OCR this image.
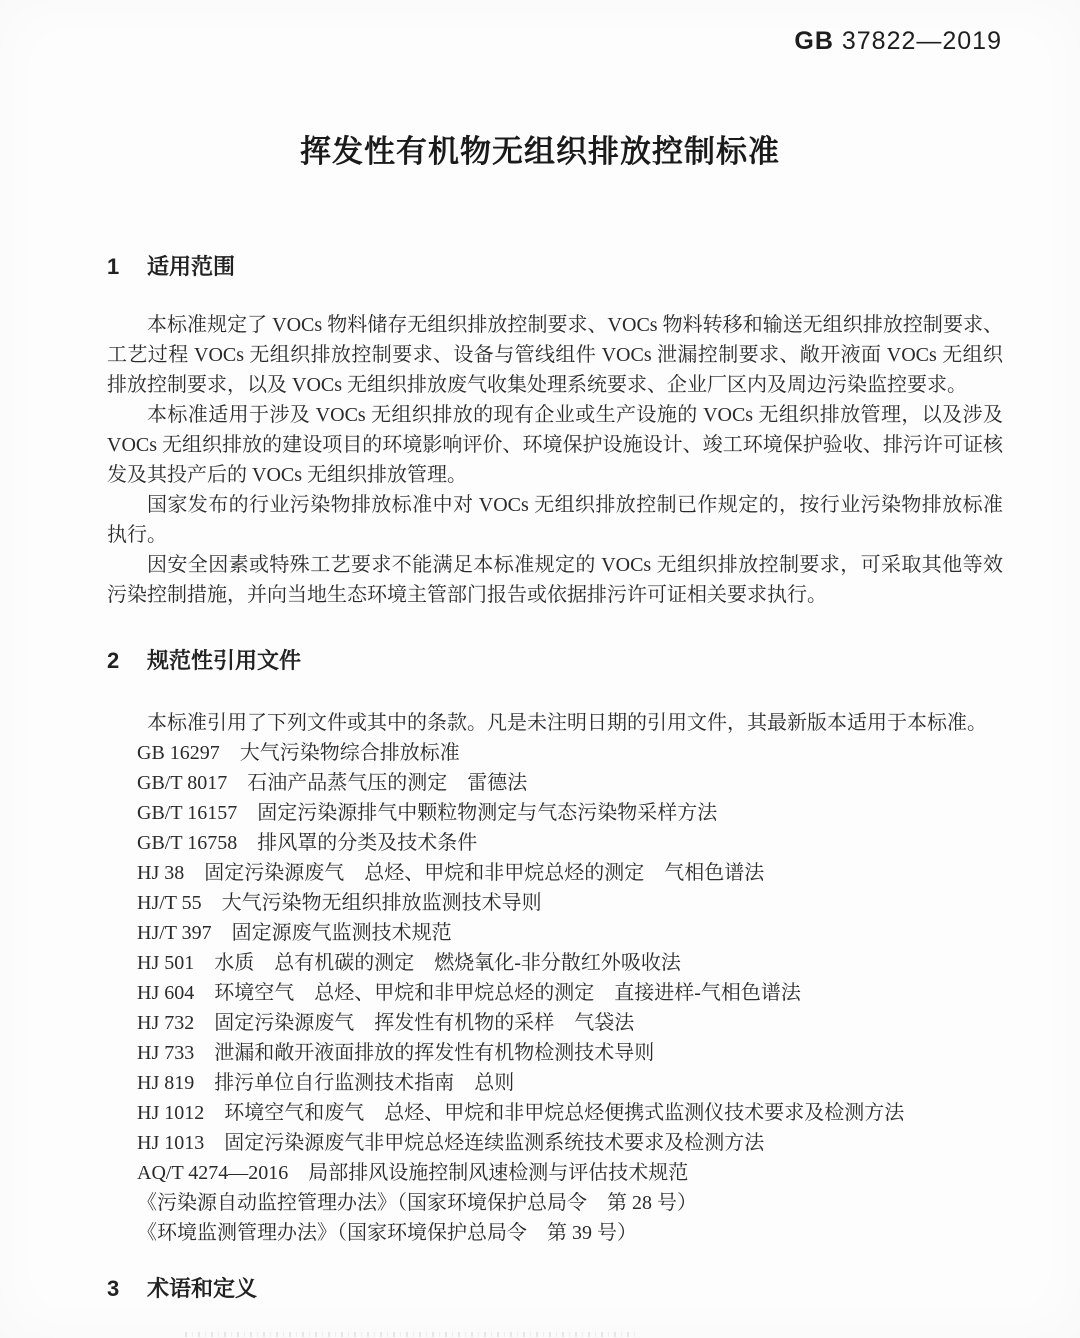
GB 37822—2019
挥发性有机物无组织排放控制标准
1 适用范围

本标准规定了 VOCs 物料储存无组织排放控制要求、VOCs 物料转移和输送无组织排放控制要求、工艺过程 VOCs 无组织排放控制要求、设备与管线组件 VOCs 泄漏控制要求、敞开液面 VOCs 无组织排放控制要求，以及 VOCs 无组织排放废气收集处理系统要求、企业厂区内及周边污染监控要求。

本标准适用于涉及 VOCs 无组织排放的现有企业或生产设施的 VOCs 无组织排放管理，以及涉及 VOCs 无组织排放的建设项目的环境影响评价、环境保护设施设计、竣工环境保护验收、排污许可证核发及其投产后的 VOCs 无组织排放管理。

国家发布的行业污染物排放标准中对 VOCs 无组织排放控制已作规定的，按行业污染物排放标准执行。

因安全因素或特殊工艺要求不能满足本标准规定的 VOCs 无组织排放控制要求，可采取其他等效污染控制措施，并向当地生态环境主管部门报告或依据排污许可证相关要求执行。

2 规范性引用文件

本标准引用了下列文件或其中的条款。凡是未注明日期的引用文件，其最新版本适用于本标准。

GB 16297　大气污染物综合排放标准
GB/T 8017　石油产品蒸气压的测定　雷德法
GB/T 16157　固定污染源排气中颗粒物测定与气态污染物采样方法
GB/T 16758　排风罩的分类及技术条件
HJ 38　固定污染源废气　总烃、甲烷和非甲烷总烃的测定　气相色谱法
HJ/T 55　大气污染物无组织排放监测技术导则
HJ/T 397　固定源废气监测技术规范
HJ 501　水质　总有机碳的测定　燃烧氧化-非分散红外吸收法
HJ 604　环境空气　总烃、甲烷和非甲烷总烃的测定　直接进样-气相色谱法
HJ 732　固定污染源废气　挥发性有机物的采样　气袋法
HJ 733　泄漏和敞开液面排放的挥发性有机物检测技术导则
HJ 819　排污单位自行监测技术指南　总则
HJ 1012　环境空气和废气　总烃、甲烷和非甲烷总烃便携式监测仪技术要求及检测方法
HJ 1013　固定污染源废气非甲烷总烃连续监测系统技术要求及检测方法
AQ/T 4274—2016　局部排风设施控制风速检测与评估技术规范
《污染源自动监控管理办法》（国家环境保护总局令　第 28 号）
《环境监测管理办法》（国家环境保护总局令　第 39 号）
3 术语和定义
